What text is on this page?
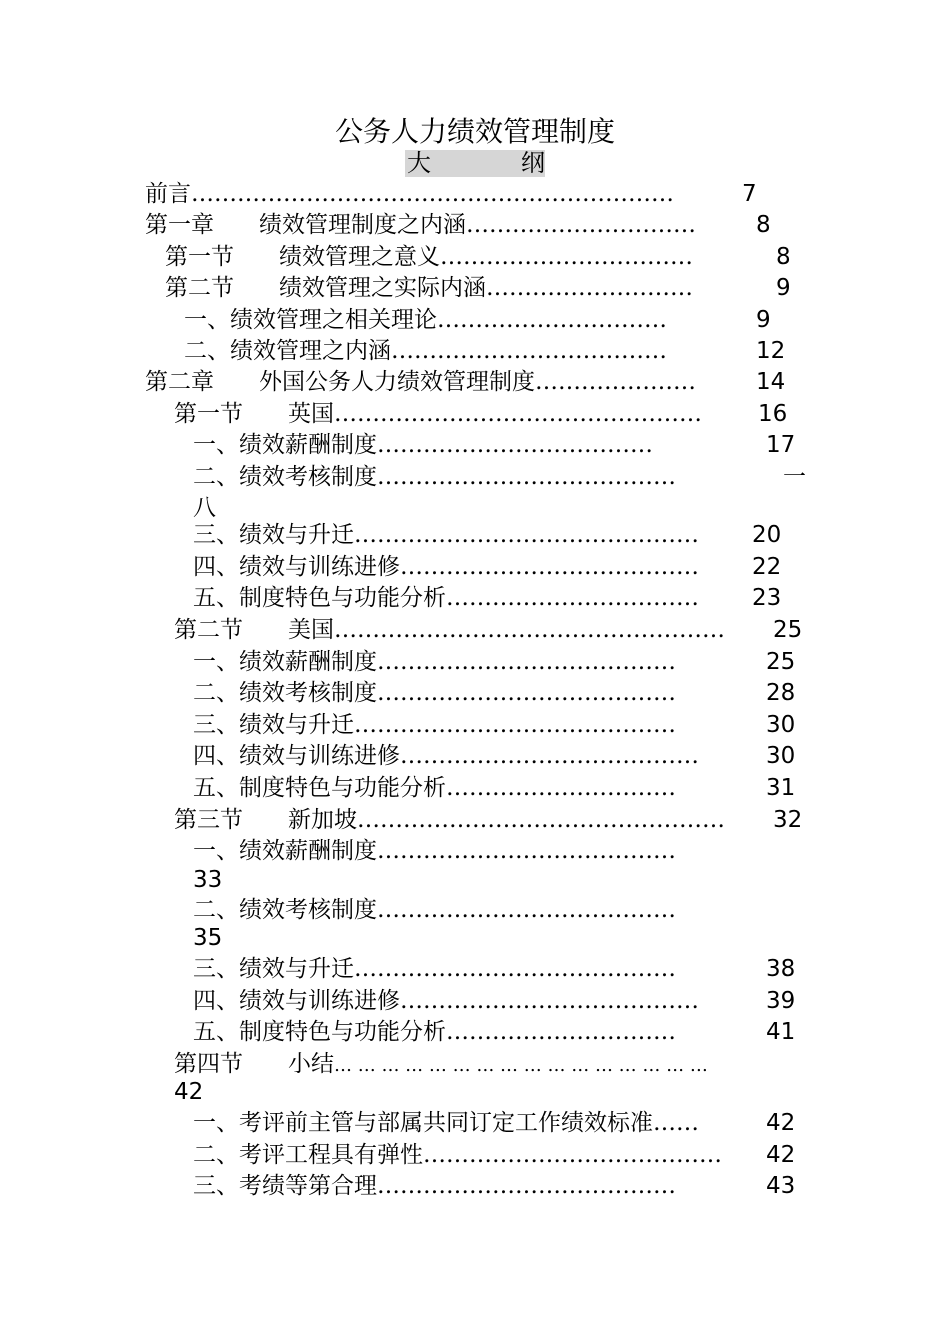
公务人力绩效管理制度
大	纲
前言………………………………………………………	7
第一章 绩效管理制度之内涵…………………………	8
第一节 绩效管理之意义……………………………	8
第二节 绩效管理之实际内涵………………………	9
一、绩效管理之相关理论…………………………	9
二、绩效管理之内涵………………………………	12
第二章 外国公务人力绩效管理制度…………………	14
第一节 英国………………………………………… 16
一、绩效薪酬制度………………………………	17
二、绩效考核制度…………………………………	一八
三、绩效与升迁……………………………………… 20
四、绩效与训练进修………………………………… 22
五、制度特色与功能分析…………………………… 23
第二节 美国…………………………………………… 25
一、绩效薪酬制度…………………………………	25
二、绩效考核制度…………………………………	28
三、绩效与升迁……………………………………	30
四、绩效与训练进修…………………………………	30
五、制度特色与功能分析…………………………	31
第三节 新加坡………………………………………… 32
一、绩效薪酬制度…………………………………
33
二、绩效考核制度…………………………………
35
三、绩效与升迁……………………………………	38
四、绩效与训练进修…………………………………	39
五、制度特色与功能分析…………………………	41
第四节 小结… … … … … … … … … … … … … … … …
42
一、考评前主管与部属共同订定工作绩效标准……	42
二、考评工程具有弹性………………………………… 42
三、考绩等第合理…………………………………	43
